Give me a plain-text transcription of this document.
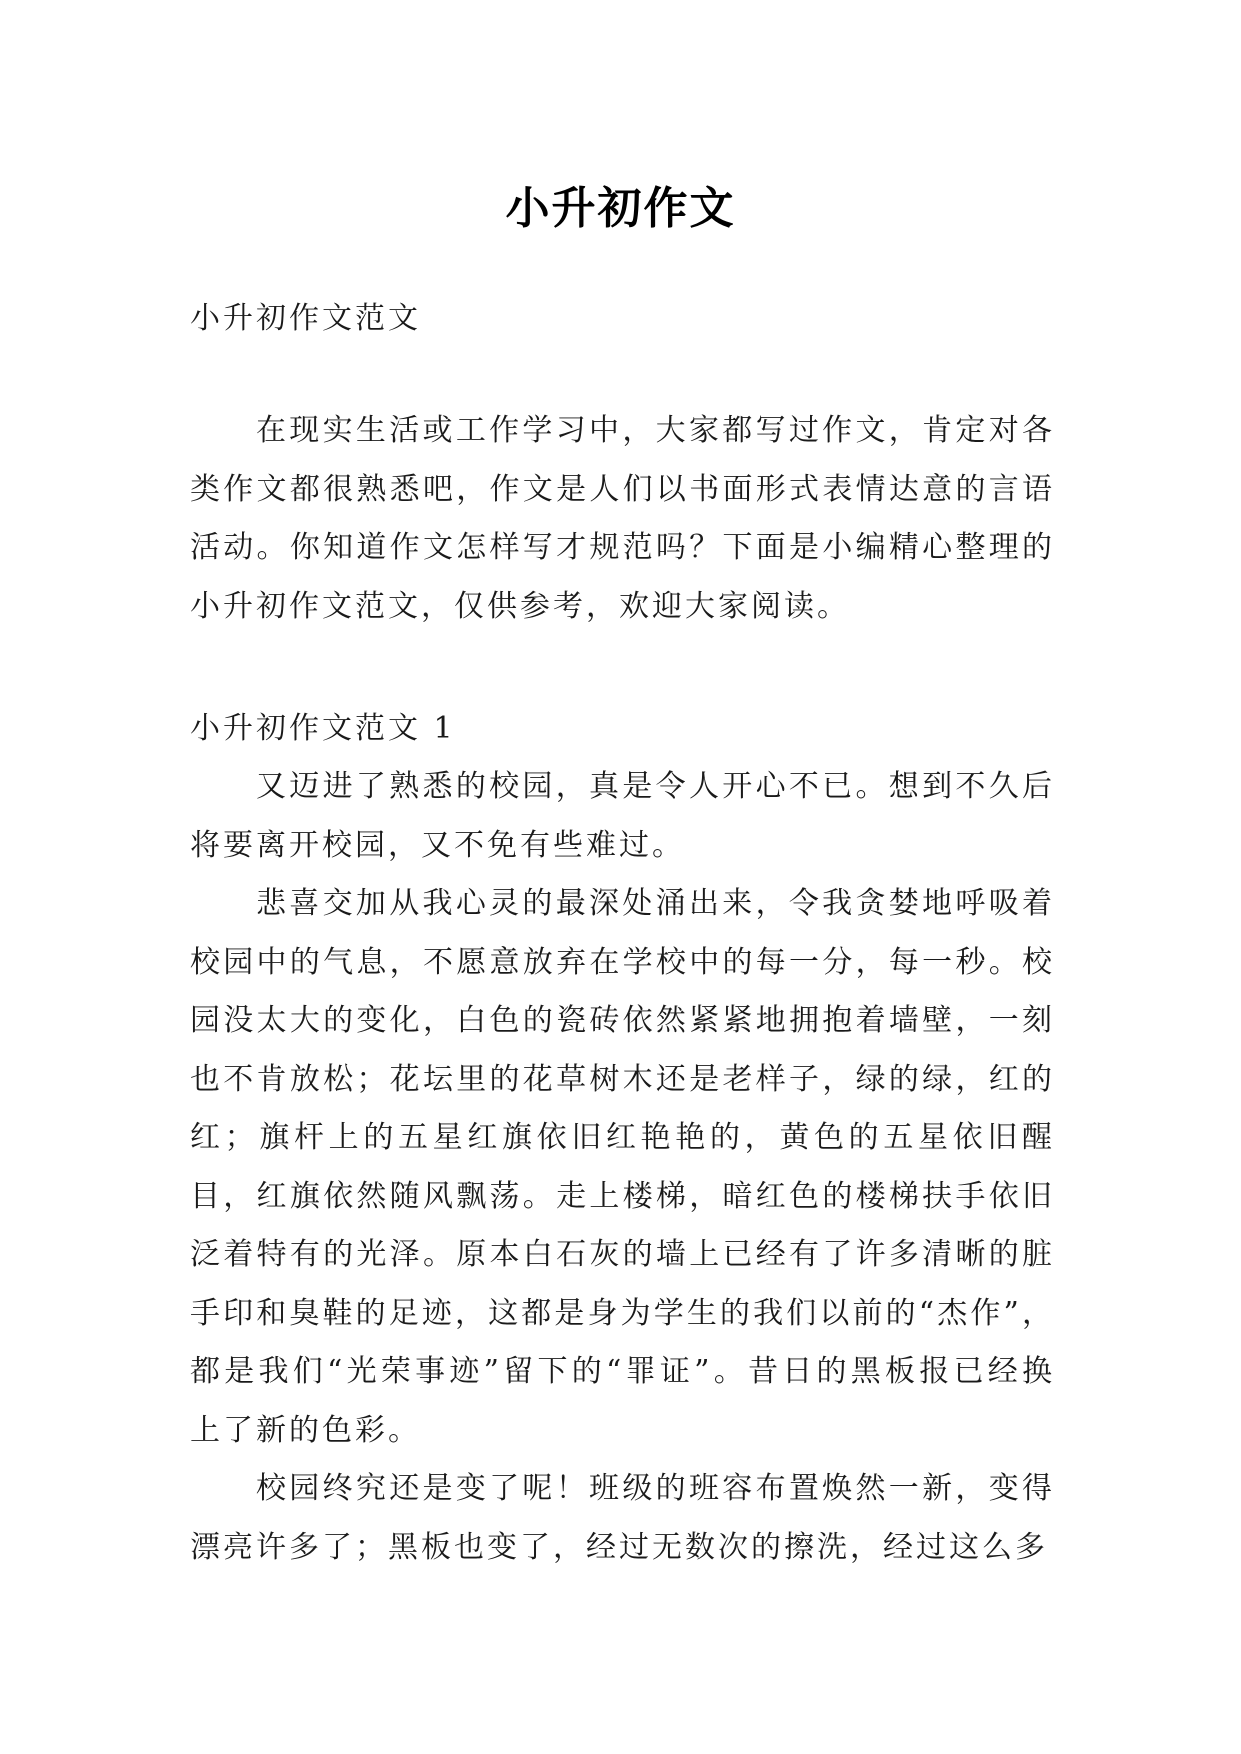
小升初作文

小升初作文范文

在现实生活或工作学习中，大家都写过作文，肯定对各类作文都很熟悉吧，作文是人们以书面形式表情达意的言语活动。你知道作文怎样写才规范吗？下面是小编精心整理的小升初作文范文，仅供参考，欢迎大家阅读。

小升初作文范文 1

又迈进了熟悉的校园，真是令人开心不已。想到不久后将要离开校园，又不免有些难过。

悲喜交加从我心灵的最深处涌出来，令我贪婪地呼吸着校园中的气息，不愿意放弃在学校中的每一分，每一秒。校园没太大的变化，白色的瓷砖依然紧紧地拥抱着墙壁，一刻也不肯放松；花坛里的花草树木还是老样子，绿的绿，红的红；旗杆上的五星红旗依旧红艳艳的，黄色的五星依旧醒目，红旗依然随风飘荡。走上楼梯，暗红色的楼梯扶手依旧泛着特有的光泽。原本白石灰的墙上已经有了许多清晰的脏手印和臭鞋的足迹，这都是身为学生的我们以前的“杰作”，都是我们“光荣事迹”留下的“罪证”。昔日的黑板报已经换上了新的色彩。

校园终究还是变了呢！班级的班容布置焕然一新，变得漂亮许多了；黑板也变了，经过无数次的擦洗，经过这么多
